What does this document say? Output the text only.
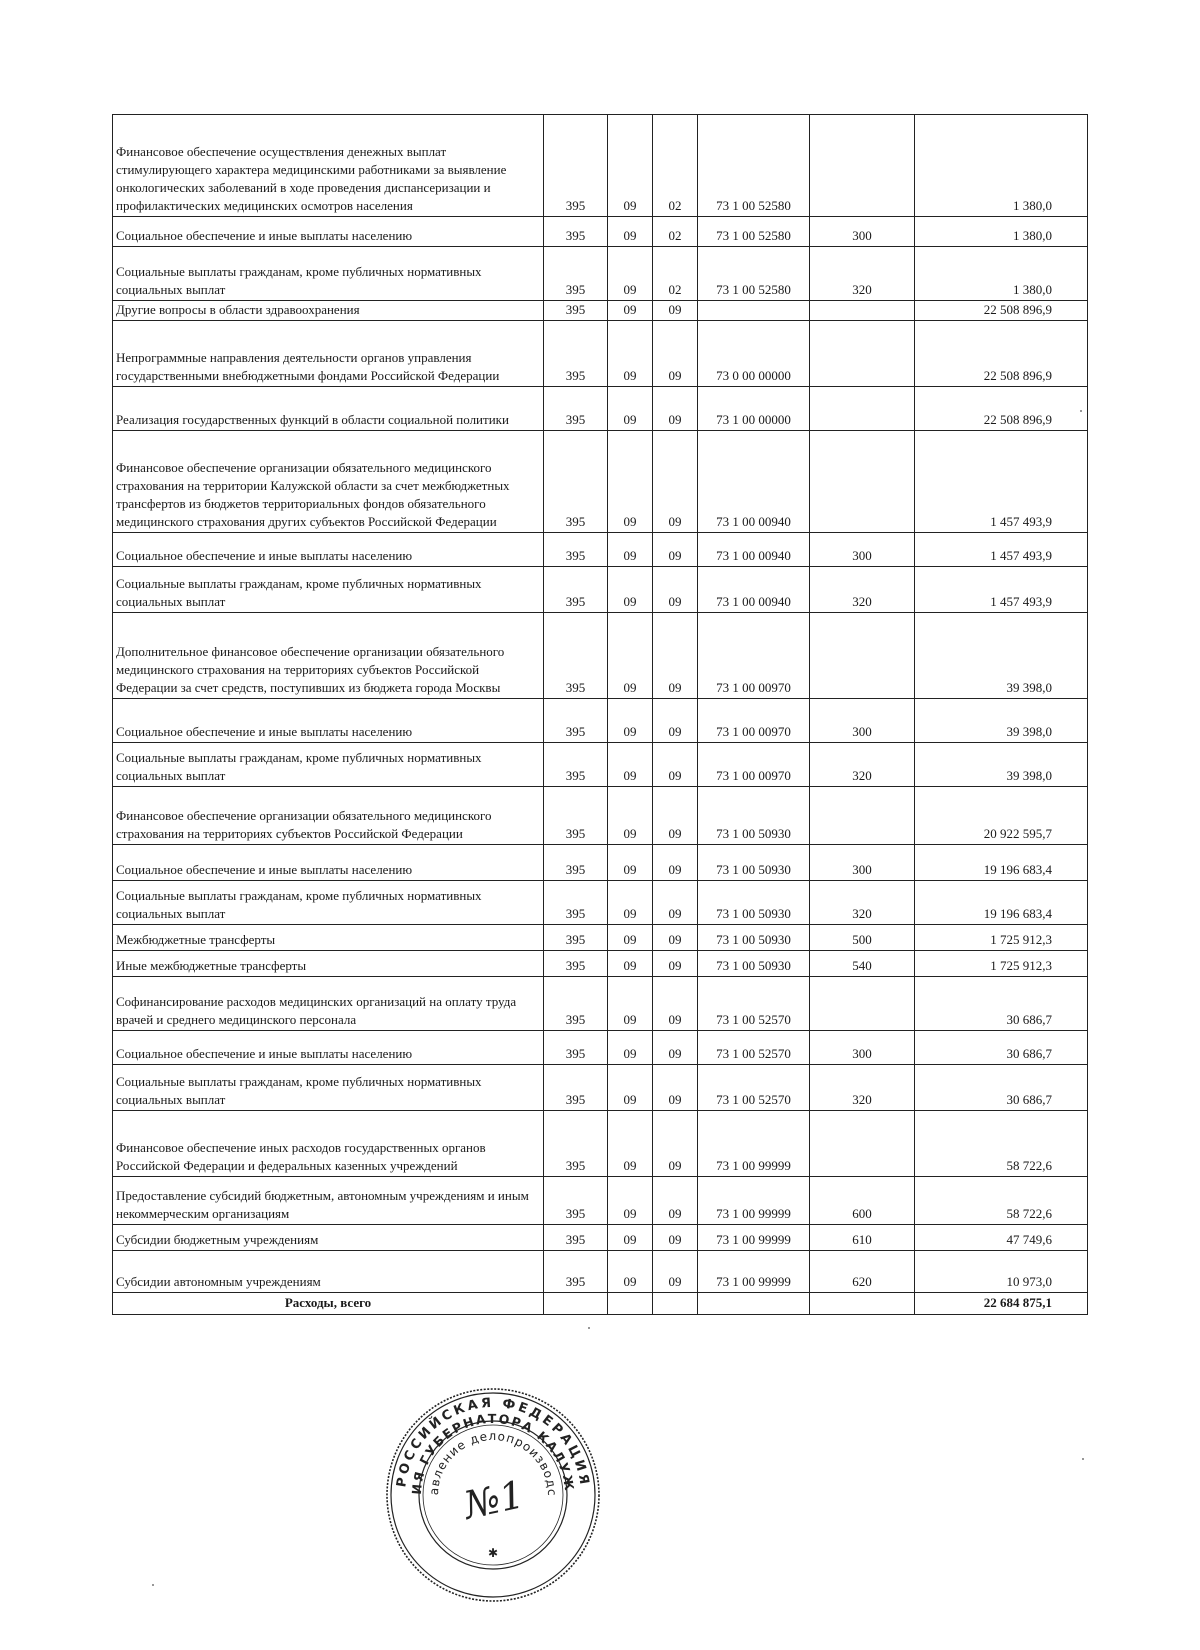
Финансовое обеспечение осуществления денежных выплат стимулирующего характера медицинскими работниками за выявление онкологических заболеваний в ходе проведения диспансеризации и профилактических медицинских осмотров населения	395	09	02	73 1 00 52580		1 380,0
Социальное обеспечение и иные выплаты населению	395	09	02	73 1 00 52580	300	1 380,0
Социальные выплаты гражданам, кроме публичных нормативных социальных выплат	395	09	02	73 1 00 52580	320	1 380,0
Другие вопросы в области здравоохранения	395	09	09			22 508 896,9
Непрограммные направления деятельности органов управления государственными внебюджетными фондами Российской Федерации	395	09	09	73 0 00 00000		22 508 896,9
Реализация государственных функций в области социальной политики	395	09	09	73 1 00 00000		22 508 896,9
Финансовое обеспечение организации обязательного медицинского страхования на территории Калужской области за счет межбюджетных трансфертов из бюджетов территориальных фондов обязательного медицинского страхования других субъектов Российской Федерации	395	09	09	73 1 00 00940		1 457 493,9
Социальное обеспечение и иные выплаты населению	395	09	09	73 1 00 00940	300	1 457 493,9
Социальные выплаты гражданам, кроме публичных нормативных социальных выплат	395	09	09	73 1 00 00940	320	1 457 493,9
Дополнительное финансовое обеспечение организации обязательного медицинского страхования на территориях субъектов Российской Федерации за счет средств, поступивших из бюджета города Москвы	395	09	09	73 1 00 00970		39 398,0
Социальное обеспечение и иные выплаты населению	395	09	09	73 1 00 00970	300	39 398,0
Социальные выплаты гражданам, кроме публичных нормативных социальных выплат	395	09	09	73 1 00 00970	320	39 398,0
Финансовое обеспечение организации обязательного медицинского страхования на территориях субъектов Российской Федерации	395	09	09	73 1 00 50930		20 922 595,7
Социальное обеспечение и иные выплаты населению	395	09	09	73 1 00 50930	300	19 196 683,4
Социальные выплаты гражданам, кроме публичных нормативных социальных выплат	395	09	09	73 1 00 50930	320	19 196 683,4
Межбюджетные трансферты	395	09	09	73 1 00 50930	500	1 725 912,3
Иные межбюджетные трансферты	395	09	09	73 1 00 50930	540	1 725 912,3
Софинансирование расходов медицинских организаций на оплату труда врачей и среднего медицинского персонала	395	09	09	73 1 00 52570		30 686,7
Социальное обеспечение и иные выплаты населению	395	09	09	73 1 00 52570	300	30 686,7
Социальные выплаты гражданам, кроме публичных нормативных социальных выплат	395	09	09	73 1 00 52570	320	30 686,7
Финансовое обеспечение иных расходов государственных органов Российской Федерации и федеральных казенных учреждений	395	09	09	73 1 00 99999		58 722,6
Предоставление субсидий бюджетным, автономным учреждениям и иным некоммерческим организациям	395	09	09	73 1 00 99999	600	58 722,6
Субсидии бюджетным учреждениям	395	09	09	73 1 00 99999	610	47 749,6
Субсидии автономным учреждениям	395	09	09	73 1 00 99999	620	10 973,0
Расходы, всего						22 684 875,1
РОССИЙСКАЯ ФЕДЕРАЦИЯ
ИЯ ГУБЕРНАТОРА КАЛУЖ
авление делопроизводс
№1
✱
